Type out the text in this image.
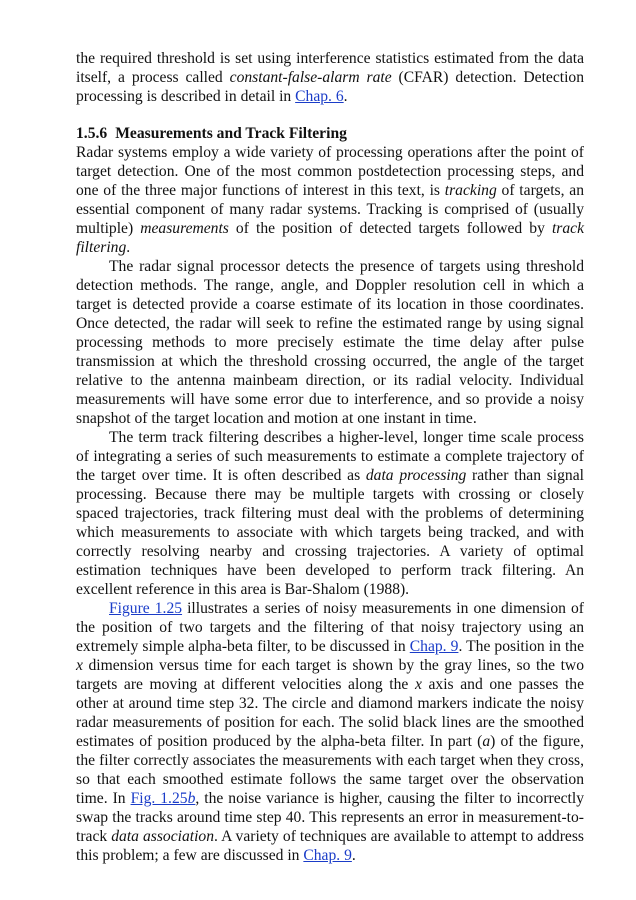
the required threshold is set using interference statistics estimated from the data itself, a process called constant-false-alarm rate (CFAR) detection. Detection processing is described in detail in Chap. 6.

1.5.6 Measurements and Track Filtering

Radar systems employ a wide variety of processing operations after the point of target detection. One of the most common postdetection processing steps, and one of the three major functions of interest in this text, is tracking of targets, an essential component of many radar systems. Tracking is comprised of (usually multiple) measurements of the position of detected targets followed by track filtering.

The radar signal processor detects the presence of targets using threshold detection methods. The range, angle, and Doppler resolution cell in which a target is detected provide a coarse estimate of its location in those coordinates. Once detected, the radar will seek to refine the estimated range by using signal processing methods to more precisely estimate the time delay after pulse transmission at which the threshold crossing occurred, the angle of the target relative to the antenna mainbeam direction, or its radial velocity. Individual measurements will have some error due to interference, and so provide a noisy snapshot of the target location and motion at one instant in time.

The term track filtering describes a higher-level, longer time scale process of integrating a series of such measurements to estimate a complete trajectory of the target over time. It is often described as data processing rather than signal processing. Because there may be multiple targets with crossing or closely spaced trajectories, track filtering must deal with the problems of determining which measurements to associate with which targets being tracked, and with correctly resolving nearby and crossing trajectories. A variety of optimal estimation techniques have been developed to perform track filtering. An excellent reference in this area is Bar-Shalom (1988).

Figure 1.25 illustrates a series of noisy measurements in one dimension of the position of two targets and the filtering of that noisy trajectory using an extremely simple alpha-beta filter, to be discussed in Chap. 9. The position in the x dimension versus time for each target is shown by the gray lines, so the two targets are moving at different velocities along the x axis and one passes the other at around time step 32. The circle and diamond markers indicate the noisy radar measurements of position for each. The solid black lines are the smoothed estimates of position produced by the alpha-beta filter. In part (a) of the figure, the filter correctly associates the measurements with each target when they cross, so that each smoothed estimate follows the same target over the observation time. In Fig. 1.25b, the noise variance is higher, causing the filter to incorrectly swap the tracks around time step 40. This represents an error in measurement-to-track data association. A variety of techniques are available to attempt to address this problem; a few are discussed in Chap. 9.
